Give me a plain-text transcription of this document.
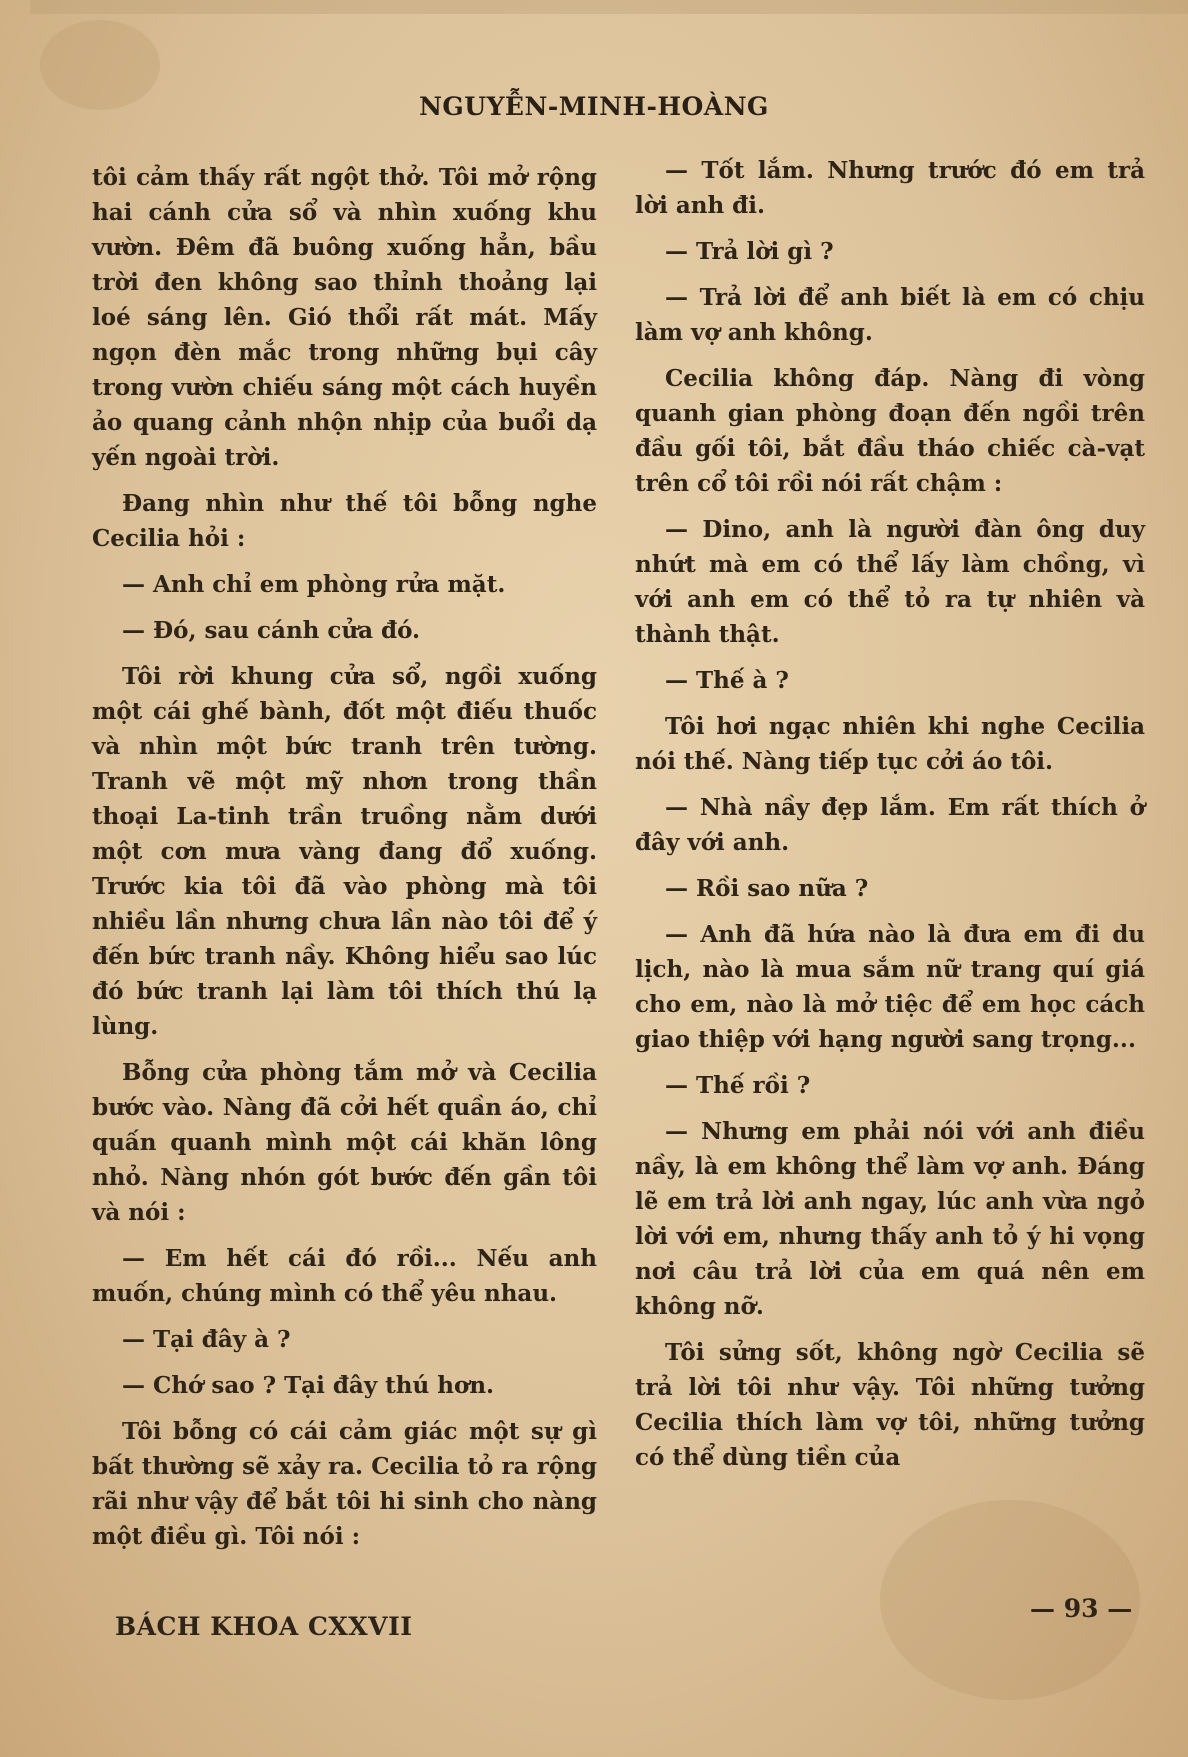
NGUYỄN-MINH-HOÀNG

tôi cảm thấy rất ngột thở. Tôi mở rộng hai cánh cửa sổ và nhìn xuống khu vườn. Đêm đã buông xuống hẳn, bầu trời đen không sao thỉnh thoảng lại loé sáng lên. Gió thổi rất mát. Mấy ngọn đèn mắc trong những bụi cây trong vườn chiếu sáng một cách huyền ảo quang cảnh nhộn nhịp của buổi dạ yến ngoài trời.

Đang nhìn như thế tôi bỗng nghe Cecilia hỏi :

— Anh chỉ em phòng rửa mặt.

— Đó, sau cánh cửa đó.

Tôi rời khung cửa sổ, ngồi xuống một cái ghế bành, đốt một điếu thuốc và nhìn một bức tranh trên tường. Tranh vẽ một mỹ nhơn trong thần thoại La-tinh trần truồng nằm dưới một cơn mưa vàng đang đổ xuống. Trước kia tôi đã vào phòng mà tôi nhiều lần nhưng chưa lần nào tôi để ý đến bức tranh nầy. Không hiểu sao lúc đó bức tranh lại làm tôi thích thú lạ lùng.

Bỗng cửa phòng tắm mở và Cecilia bước vào. Nàng đã cởi hết quần áo, chỉ quấn quanh mình một cái khăn lông nhỏ. Nàng nhón gót bước đến gần tôi và nói :

— Em hết cái đó rồi... Nếu anh muốn, chúng mình có thể yêu nhau.

— Tại đây à ?

— Chớ sao ? Tại đây thú hơn.

Tôi bỗng có cái cảm giác một sự gì bất thường sẽ xảy ra. Cecilia tỏ ra rộng rãi như vậy để bắt tôi hi sinh cho nàng một điều gì. Tôi nói :

— Tốt lắm. Nhưng trước đó em trả lời anh đi.

— Trả lời gì ?

— Trả lời để anh biết là em có chịu làm vợ anh không.

Cecilia không đáp. Nàng đi vòng quanh gian phòng đoạn đến ngồi trên đầu gối tôi, bắt đầu tháo chiếc cà-vạt trên cổ tôi rồi nói rất chậm :

— Dino, anh là người đàn ông duy nhứt mà em có thể lấy làm chồng, vì với anh em có thể tỏ ra tự nhiên và thành thật.

— Thế à ?

Tôi hơi ngạc nhiên khi nghe Cecilia nói thế. Nàng tiếp tục cởi áo tôi.

— Nhà nầy đẹp lắm. Em rất thích ở đây với anh.

— Rồi sao nữa ?

— Anh đã hứa nào là đưa em đi du lịch, nào là mua sắm nữ trang quí giá cho em, nào là mở tiệc để em học cách giao thiệp với hạng người sang trọng...

— Thế rồi ?

— Nhưng em phải nói với anh điều nầy, là em không thể làm vợ anh. Đáng lẽ em trả lời anh ngay, lúc anh vừa ngỏ lời với em, nhưng thấy anh tỏ ý hi vọng nơi câu trả lời của em quá nên em không nỡ.

Tôi sửng sốt, không ngờ Cecilia sẽ trả lời tôi như vậy. Tôi những tưởng Cecilia thích làm vợ tôi, những tưởng có thể dùng tiền của

BÁCH KHOA CXXVII
— 93 —
